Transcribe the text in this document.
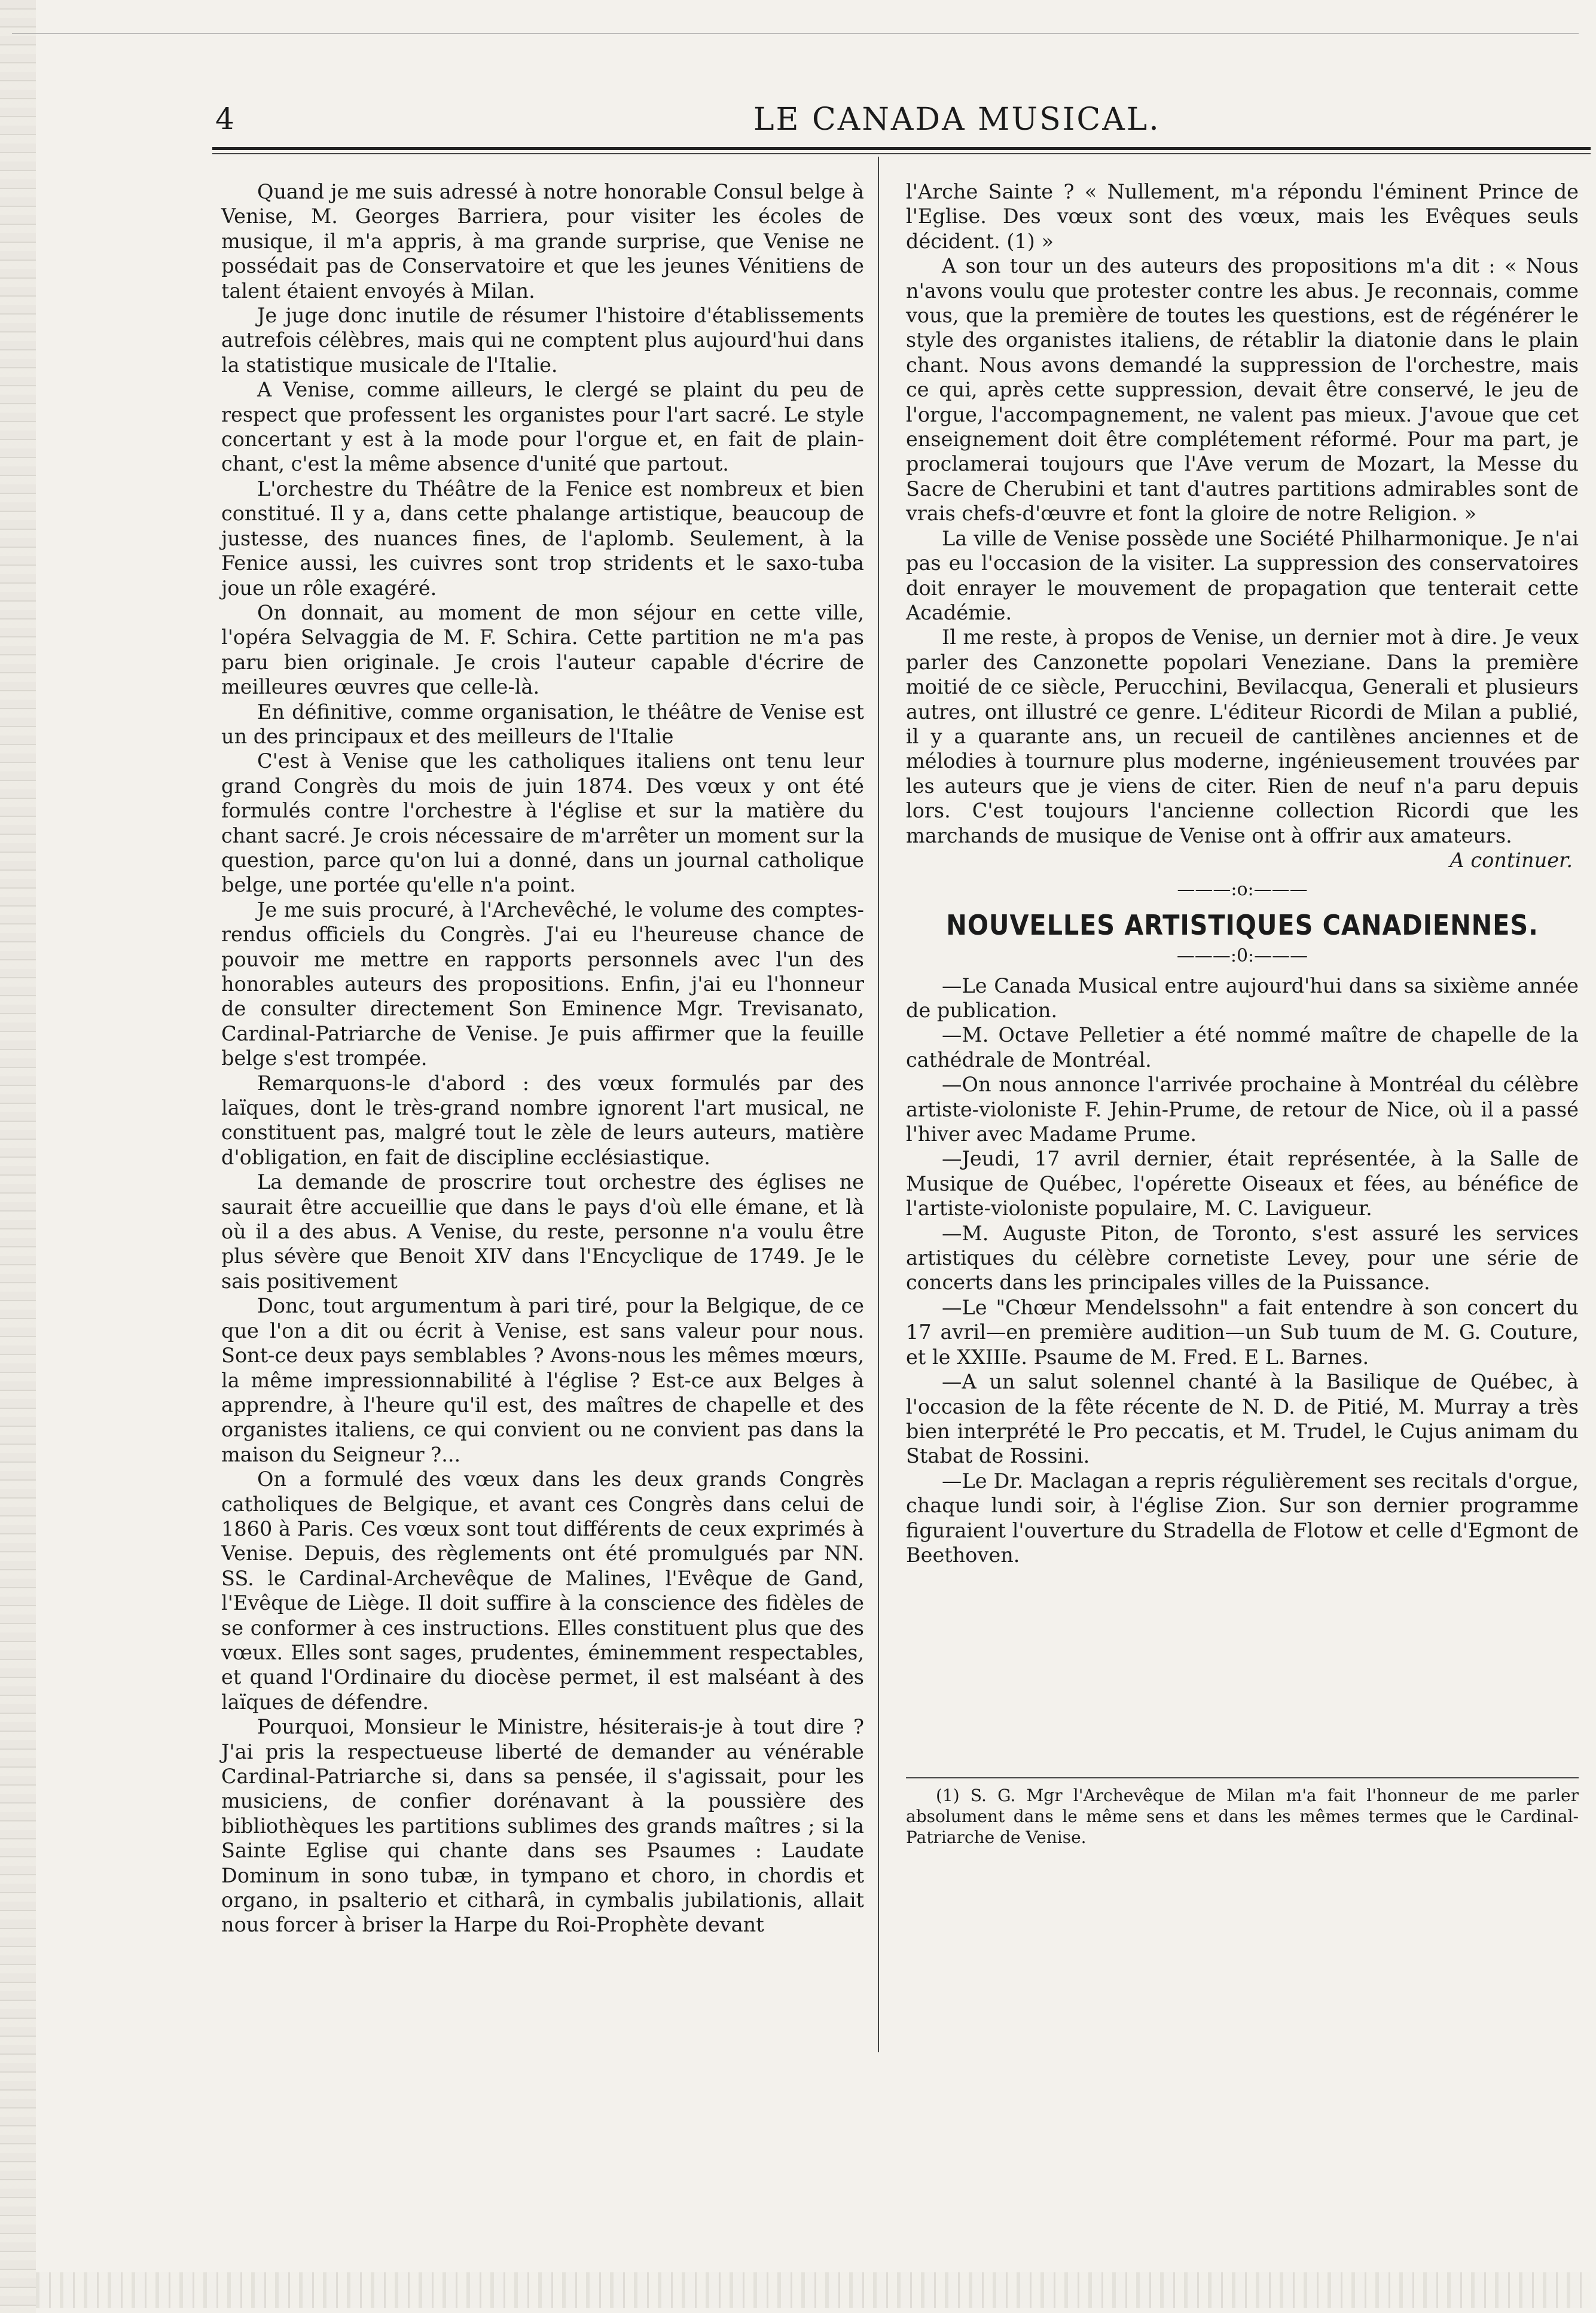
4	LE CANADA MUSICAL.

Quand je me suis adressé à notre honorable Consul belge à Venise, M. Georges Barriera, pour visiter les écoles de musique, il m'a appris, à ma grande surprise, que Venise ne possédait pas de Conservatoire et que les jeunes Vénitiens de talent étaient envoyés à Milan.

Je juge donc inutile de résumer l'histoire d'établissements autrefois célèbres, mais qui ne comptent plus aujourd'hui dans la statistique musicale de l'Italie.

A Venise, comme ailleurs, le clergé se plaint du peu de respect que professent les organistes pour l'art sacré. Le style concertant y est à la mode pour l'orgue et, en fait de plain-chant, c'est la même absence d'unité que partout.

L'orchestre du Théâtre de la Fenice est nombreux et bien constitué. Il y a, dans cette phalange artistique, beaucoup de justesse, des nuances fines, de l'aplomb. Seulement, à la Fenice aussi, les cuivres sont trop stridents et le saxo-tuba joue un rôle exagéré.

On donnait, au moment de mon séjour en cette ville, l'opéra Selvaggia de M. F. Schira. Cette partition ne m'a pas paru bien originale. Je crois l'auteur capable d'écrire de meilleures œuvres que celle-là.

En définitive, comme organisation, le théâtre de Venise est un des principaux et des meilleurs de l'Italie

C'est à Venise que les catholiques italiens ont tenu leur grand Congrès du mois de juin 1874. Des vœux y ont été formulés contre l'orchestre à l'église et sur la matière du chant sacré. Je crois nécessaire de m'arrêter un moment sur la question, parce qu'on lui a donné, dans un journal catholique belge, une portée qu'elle n'a point.

Je me suis procuré, à l'Archevêché, le volume des comptes-rendus officiels du Congrès. J'ai eu l'heureuse chance de pouvoir me mettre en rapports personnels avec l'un des honorables auteurs des propositions. Enfin, j'ai eu l'honneur de consulter directement Son Eminence Mgr. Trevisanato, Cardinal-Patriarche de Venise. Je puis affirmer que la feuille belge s'est trompée.

Remarquons-le d'abord : des vœux formulés par des laïques, dont le très-grand nombre ignorent l'art musical, ne constituent pas, malgré tout le zèle de leurs auteurs, matière d'obligation, en fait de discipline ecclésiastique.

La demande de proscrire tout orchestre des églises ne saurait être accueillie que dans le pays d'où elle émane, et là où il a des abus. A Venise, du reste, personne n'a voulu être plus sévère que Benoit XIV dans l'Encyclique de 1749. Je le sais positivement

Donc, tout argumentum à pari tiré, pour la Belgique, de ce que l'on a dit ou écrit à Venise, est sans valeur pour nous. Sont-ce deux pays semblables ? Avons-nous les mêmes mœurs, la même impressionnabilité à l'église ? Est-ce aux Belges à apprendre, à l'heure qu'il est, des maîtres de chapelle et des organistes italiens, ce qui convient ou ne convient pas dans la maison du Seigneur ?...

On a formulé des vœux dans les deux grands Congrès catholiques de Belgique, et avant ces Congrès dans celui de 1860 à Paris. Ces vœux sont tout différents de ceux exprimés à Venise. Depuis, des règlements ont été promulgués par NN. SS. le Cardinal-Archevêque de Malines, l'Evêque de Gand, l'Evêque de Liège. Il doit suffire à la conscience des fidèles de se conformer à ces instructions. Elles constituent plus que des vœux. Elles sont sages, prudentes, éminemment respectables, et quand l'Ordinaire du diocèse permet, il est malséant à des laïques de défendre.

Pourquoi, Monsieur le Ministre, hésiterais-je à tout dire ? J'ai pris la respectueuse liberté de demander au vénérable Cardinal-Patriarche si, dans sa pensée, il s'agissait, pour les musiciens, de confier dorénavant à la poussière des bibliothèques les partitions sublimes des grands maîtres ; si la Sainte Eglise qui chante dans ses Psaumes : Laudate Dominum in sono tubæ, in tympano et choro, in chordis et organo, in psalterio et citharâ, in cymbalis jubilationis, allait nous forcer à briser la Harpe du Roi-Prophète devant

l'Arche Sainte ? « Nullement, m'a répondu l'éminent Prince de l'Eglise. Des vœux sont des vœux, mais les Evêques seuls décident. (1) »

A son tour un des auteurs des propositions m'a dit : « Nous n'avons voulu que protester contre les abus. Je reconnais, comme vous, que la première de toutes les questions, est de régénérer le style des organistes italiens, de rétablir la diatonie dans le plain chant. Nous avons demandé la suppression de l'orchestre, mais ce qui, après cette suppression, devait être conservé, le jeu de l'orgue, l'accompagnement, ne valent pas mieux. J'avoue que cet enseignement doit être complétement réformé. Pour ma part, je proclamerai toujours que l'Ave verum de Mozart, la Messe du Sacre de Cherubini et tant d'autres partitions admirables sont de vrais chefs-d'œuvre et font la gloire de notre Religion. »

La ville de Venise possède une Société Philharmonique. Je n'ai pas eu l'occasion de la visiter. La suppression des conservatoires doit enrayer le mouvement de propagation que tenterait cette Académie.

Il me reste, à propos de Venise, un dernier mot à dire. Je veux parler des Canzonette popolari Veneziane. Dans la première moitié de ce siècle, Perucchini, Bevilacqua, Generali et plusieurs autres, ont illustré ce genre. L'éditeur Ricordi de Milan a publié, il y a quarante ans, un recueil de cantilènes anciennes et de mélodies à tournure plus moderne, ingénieusement trouvées par les auteurs que je viens de citer. Rien de neuf n'a paru depuis lors. C'est toujours l'ancienne collection Ricordi que les marchands de musique de Venise ont à offrir aux amateurs.

A continuer.

———:o:———
NOUVELLES ARTISTIQUES CANADIENNES.
———:0:———

—Le Canada Musical entre aujourd'hui dans sa sixième année de publication.

—M. Octave Pelletier a été nommé maître de chapelle de la cathédrale de Montréal.

—On nous annonce l'arrivée prochaine à Montréal du célèbre artiste-violoniste F. Jehin-Prume, de retour de Nice, où il a passé l'hiver avec Madame Prume.

—Jeudi, 17 avril dernier, était représentée, à la Salle de Musique de Québec, l'opérette Oiseaux et fées, au bénéfice de l'artiste-violoniste populaire, M. C. Lavigueur.

—M. Auguste Piton, de Toronto, s'est assuré les services artistiques du célèbre cornetiste Levey, pour une série de concerts dans les principales villes de la Puissance.

—Le "Chœur Mendelssohn" a fait entendre à son concert du 17 avril—en première audition—un Sub tuum de M. G. Couture, et le XXIIIe. Psaume de M. Fred. E L. Barnes.

—A un salut solennel chanté à la Basilique de Québec, à l'occasion de la fête récente de N. D. de Pitié, M. Murray a très bien interprété le Pro peccatis, et M. Trudel, le Cujus animam du Stabat de Rossini.

—Le Dr. Maclagan a repris régulièrement ses recitals d'orgue, chaque lundi soir, à l'église Zion. Sur son dernier programme figuraient l'ouverture du Stradella de Flotow et celle d'Egmont de Beethoven.

(1) S. G. Mgr l'Archevêque de Milan m'a fait l'honneur de me parler absolument dans le même sens et dans les mêmes termes que le Cardinal-Patriarche de Venise.
